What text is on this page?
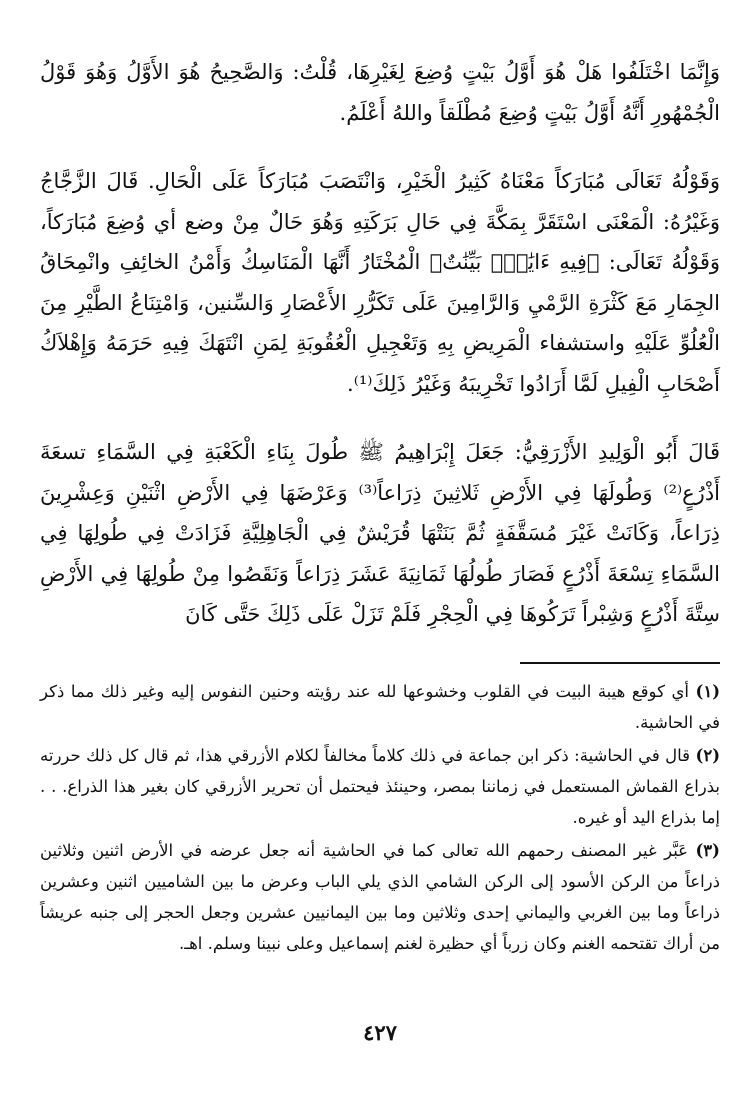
وَإِنَّمَا اخْتَلَفُوا هَلْ هُوَ أَوَّلُ بَيْتٍ وُضِعَ لِغَيْرِهَا، قُلْتُ: وَالصَّحِيحُ هُوَ الأَوَّلُ وَهُوَ قَوْلُ الْجُمْهُورِ أَنَّهُ أَوَّلُ بَيْتٍ وُضِعَ مُطْلَقاً واللهُ أَعْلَمُ.

وَقَوْلُهُ تَعَالَى مُبَارَكاً مَعْنَاهُ كَثِيرُ الْخَيْرِ، وَانْتَصَبَ مُبَارَكاً عَلَى الْحَالِ. قَالَ الزَّجَّاجُ وَغَيْرُهُ: الْمَعْنَى اسْتَقَرَّ بِمَكَّةَ فِي حَالِ بَرَكَتِهِ وَهُوَ حَالٌ مِنْ وضع أي وُضِعَ مُبَارَكاً، وَقَوْلُهُ تَعَالَى: ﴿فِيهِ ءَايَٰتٌۢ بَيِّنَٰتٌ﴾ الْمُخْتَارُ أَنَّهَا الْمَنَاسِكُ وَأَمْنُ الخائِفِ وانْمِحَاقُ الجِمَارِ مَعَ كَثْرَةِ الرَّمْيِ وَالرَّامِينَ عَلَى تَكَرُّرِ الأَعْصَارِ وَالسِّنين، وَامْتِنَاعُ الطَّيْرِ مِنَ الْعُلُوِّ عَلَيْهِ واستشفاء الْمَرِيضِ بِهِ وَتَعْجِيلِ الْعُقُوبَةِ لِمَنِ انْتَهَكَ فِيهِ حَرَمَهُ وَإِهْلاَكُ أَصْحَابِ الْفِيلِ لَمَّا أَرَادُوا تَخْرِيبَهُ وَغَيْرُ ذَلِكَ⁽¹⁾.

قَالَ أَبُو الْوَلِيدِ الأَزْرَقِيُّ: جَعَلَ إِبْرَاهِيمُ ﷺ طُولَ بِنَاءِ الْكَعْبَةِ فِي السَّمَاءِ تسعَةَ أَذْرُعٍ⁽²⁾ وَطُولَهَا فِي الأَرْضِ ثَلاثِينَ ذِرَاعاً⁽³⁾ وَعَرْضَهَا فِي الأَرْضِ اثْنَيْنِ وَعِشْرِينَ ذِرَاعاً، وَكَانَتْ غَيْرَ مُسَقَّفَةٍ ثُمَّ بَنَتْهَا قُرَيْشٌ فِي الْجَاهِلِيَّةِ فَزَادَتْ فِي طُولِهَا فِي السَّمَاءِ تِسْعَةَ أَذْرُعٍ فَصَارَ طُولُهَا ثَمَانِيَةَ عَشَرَ ذِرَاعاً وَنَقَصُوا مِنْ طُولِهَا فِي الأَرْضِ سِتَّةَ أَذْرُعٍ وَشِبْراً تَرَكُوهَا فِي الْحِجْرِ فَلَمْ تَزَلْ عَلَى ذَلِكَ حَتَّى كَانَ

(١) أي كوقع هيبة البيت في القلوب وخشوعها لله عند رؤيته وحنين النفوس إليه وغير ذلك مما ذكر في الحاشية.

(٢) قال في الحاشية: ذكر ابن جماعة في ذلك كلاماً مخالفاً لكلام الأزرقي هذا، ثم قال كل ذلك حررته بذراع القماش المستعمل في زماننا بمصر، وحينئذ فيحتمل أن تحرير الأزرقي كان بغير هذا الذراع. . . إما بذراع اليد أو غيره.

(٣) عَبَّر غير المصنف رحمهم الله تعالى كما في الحاشية أنه جعل عرضه في الأرض اثنين وثلاثين ذراعاً من الركن الأسود إلى الركن الشامي الذي يلي الباب وعرض ما بين الشاميين اثنين وعشرين ذراعاً وما بين الغربي واليماني إحدى وثلاثين وما بين اليمانيين عشرين وجعل الحجر إلى جنبه عريشاً من أراك تقتحمه الغنم وكان زرباً أي حظيرة لغنم إسماعيل وعلى نبينا وسلم. اهـ.

٤٢٧
